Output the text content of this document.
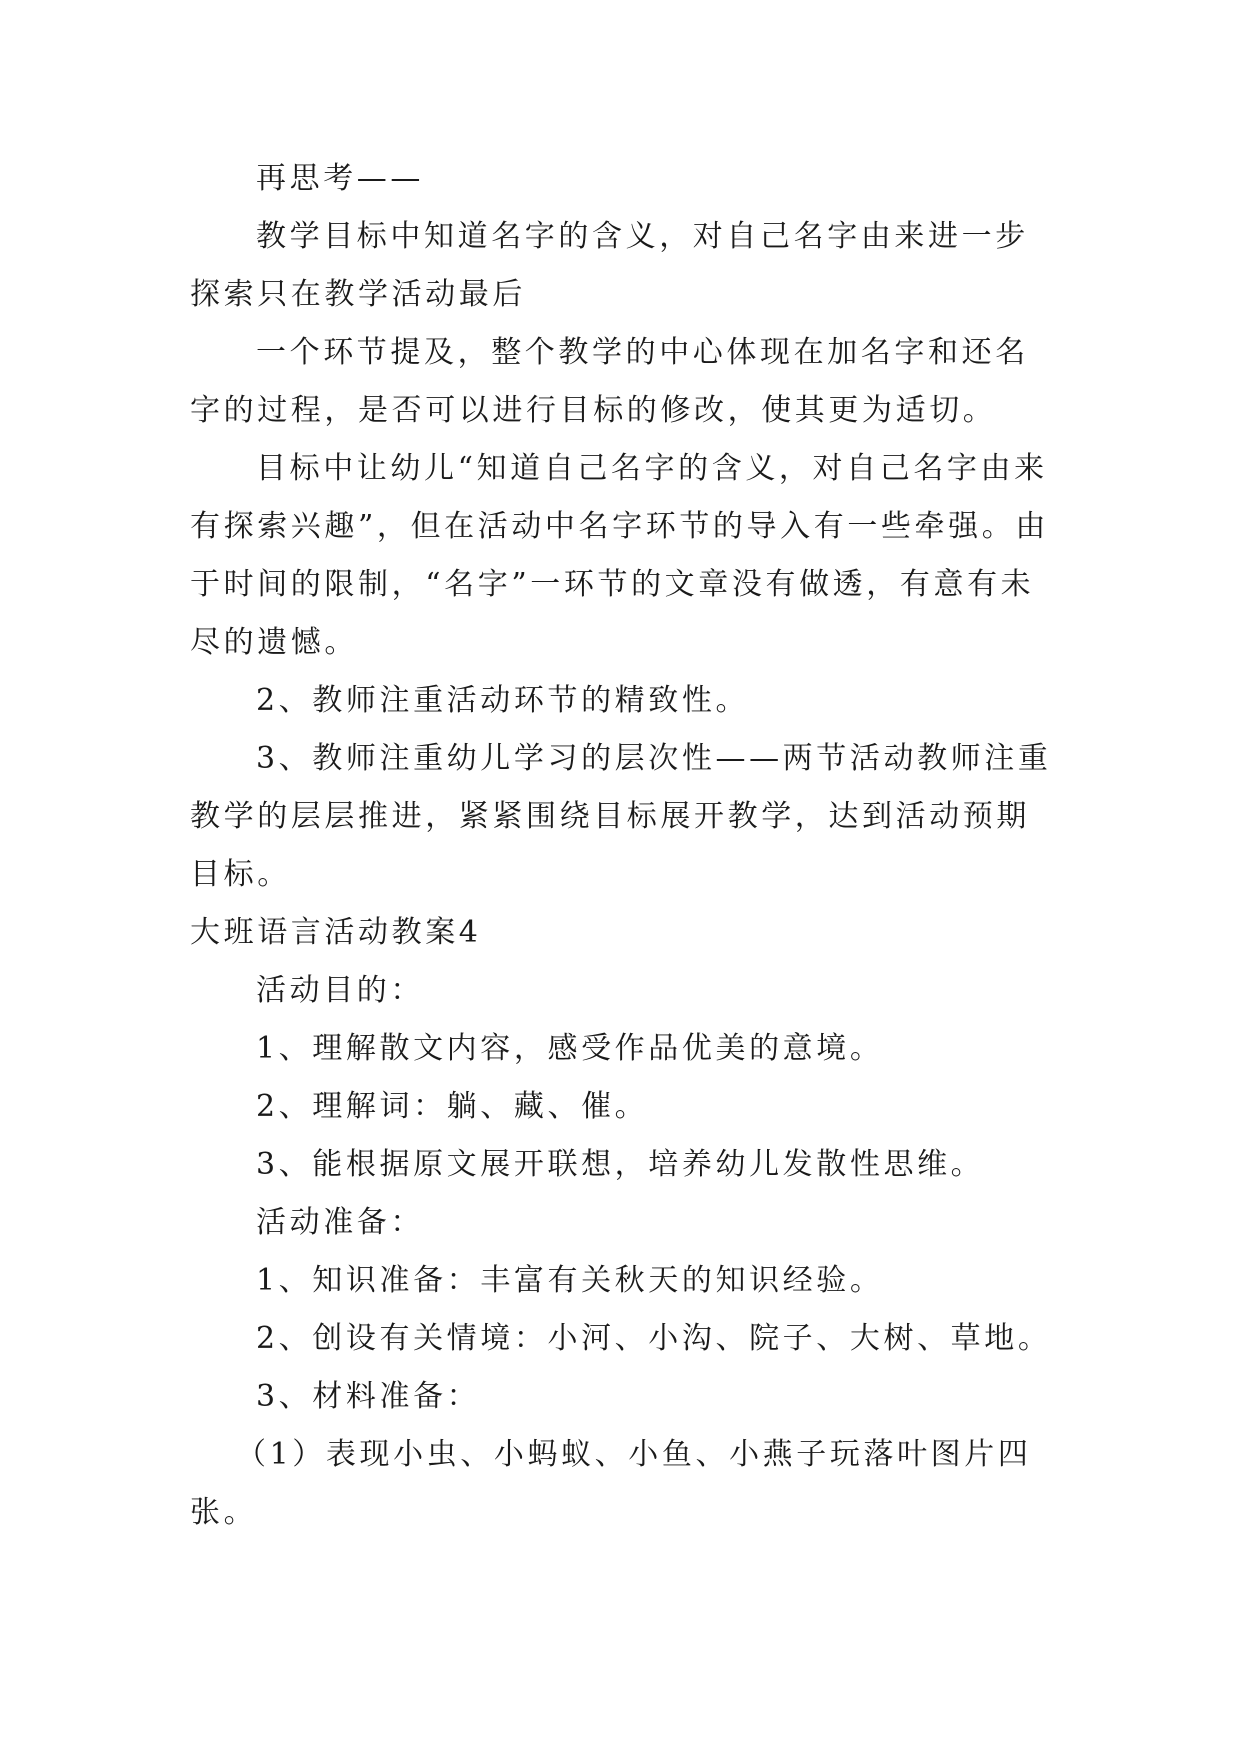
再思考——

教学目标中知道名字的含义，对自己名字由来进一步探索只在教学活动最后

一个环节提及，整个教学的中心体现在加名字和还名字的过程，是否可以进行目标的修改，使其更为适切。

目标中让幼儿“知道自己名字的含义，对自己名字由来有探索兴趣”，但在活动中名字环节的导入有一些牵强。由于时间的限制，“名字”一环节的文章没有做透，有意有未尽的遗憾。

2、教师注重活动环节的精致性。

3、教师注重幼儿学习的层次性——两节活动教师注重教学的层层推进，紧紧围绕目标展开教学，达到活动预期目标。

大班语言活动教案4

活动目的：

1、理解散文内容，感受作品优美的意境。

2、理解词：躺、藏、催。

3、能根据原文展开联想，培养幼儿发散性思维。

活动准备：

1、知识准备：丰富有关秋天的知识经验。

2、创设有关情境：小河、小沟、院子、大树、草地。

3、材料准备：

（1）表现小虫、小蚂蚁、小鱼、小燕子玩落叶图片四张。
